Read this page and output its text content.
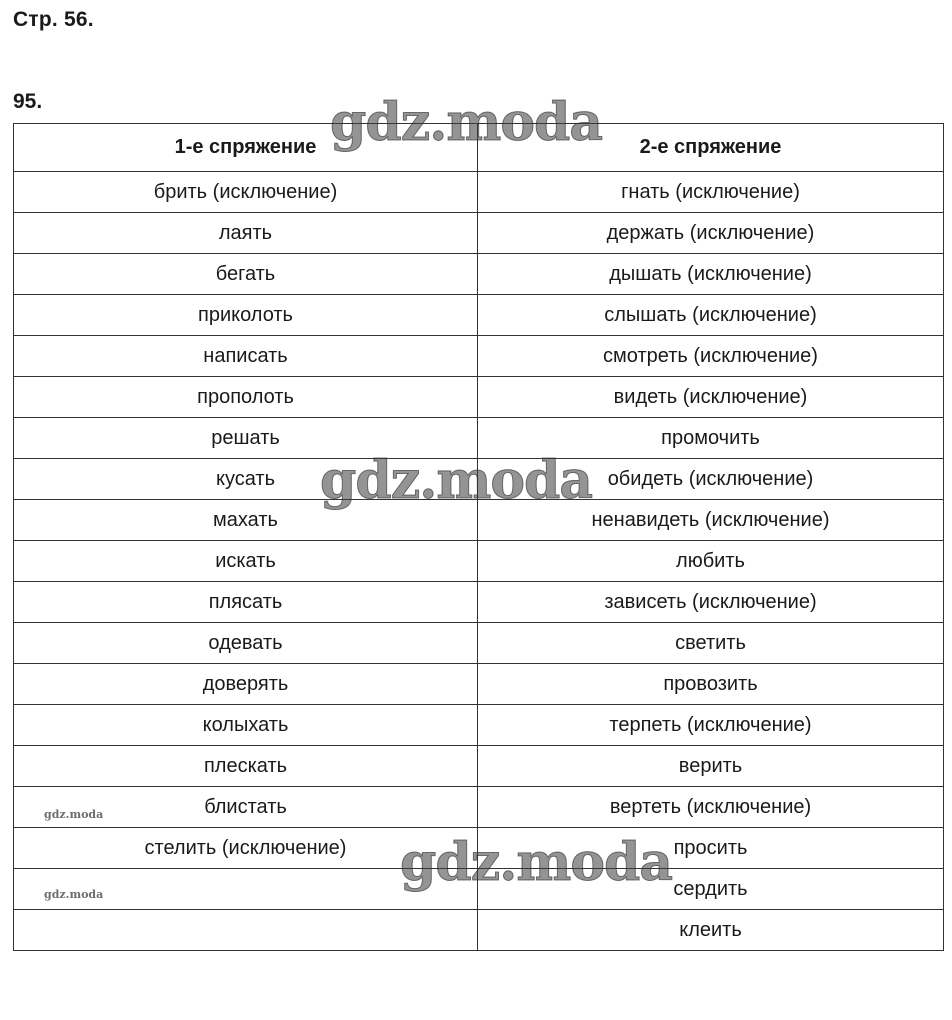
Стр. 56.
95.
1-е спряжение	2-е спряжение
брить (исключение)	гнать (исключение)
лаять	держать (исключение)
бегать	дышать (исключение)
приколоть	слышать (исключение)
написать	смотреть (исключение)
прополоть	видеть (исключение)
решать	промочить
кусать	обидеть (исключение)
махать	ненавидеть (исключение)
искать	любить
плясать	зависеть (исключение)
одевать	светить
доверять	провозить
колыхать	терпеть (исключение)
плескать	верить
блистать	вертеть (исключение)
стелить (исключение)	просить
	сердить
	клеить
gdz.moda
gdz.moda
gdz.moda
gdz.moda
gdz.moda
